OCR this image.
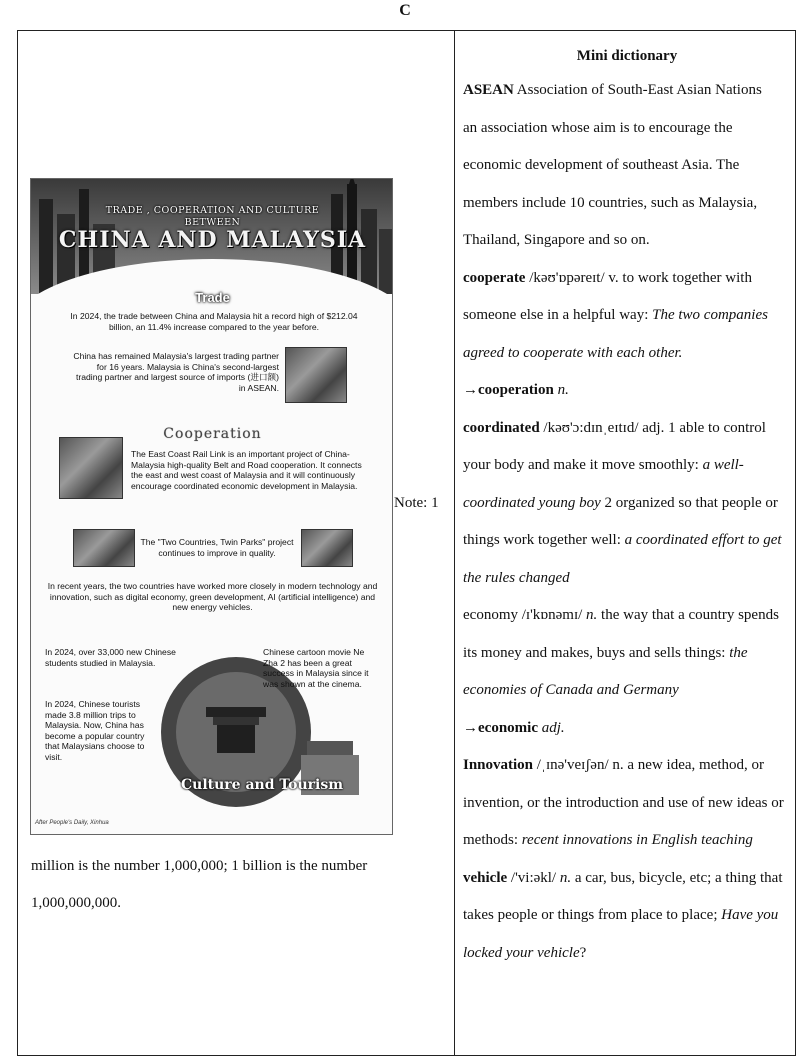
C
TRADE , COOPERATION AND CULTURE
BETWEEN
CHINA AND MALAYSIA
Trade
In 2024, the trade between China and Malaysia hit a record high of $212.04 billion, an 11.4% increase compared to the year before.
China has remained Malaysia's largest trading partner for 16 years. Malaysia is China's second-largest trading partner and largest source of imports (进口额) in ASEAN.
Cooperation
The East Coast Rail Link is an important project of China-Malaysia high-quality Belt and Road cooperation. It connects the east and west coast of Malaysia and it will continuously encourage coordinated economic development in Malaysia.
The "Two Countries, Twin Parks" project continues to improve in quality.
In recent years, the two countries have worked more closely in modern technology and innovation, such as digital economy, green development, AI (artificial intelligence) and new energy vehicles.
In 2024, over 33,000 new Chinese students studied in Malaysia.
Chinese cartoon movie Ne Zha 2 has been a great success in Malaysia since it was shown at the cinema.
In 2024, Chinese tourists made 3.8 million trips to Malaysia. Now, China has become a popular country that Malaysians choose to visit.
Culture and Tourism
After People's Daily, Xinhua
Note: 1
million is the number 1,000,000; 1 billion is the number 1,000,000,000.
Mini dictionary

ASEAN Association of South-East Asian Nations

an association whose aim is to encourage the economic development of southeast Asia. The members include 10 countries, such as Malaysia, Thailand, Singapore and so on.

cooperate /kəʊ'ɒpəreɪt/ v. to work together with someone else in a helpful way: The two companies agreed to cooperate with each other.

→cooperation n.

coordinated /kəʊ'ɔ:dɪnˌeɪtɪd/ adj. 1 able to control your body and make it move smoothly: a well-coordinated young boy 2 organized so that people or things work together well: a coordinated effort to get the rules changed

economy /ɪ'kɒnəmɪ/ n. the way that a country spends its money and makes, buys and sells things: the economies of Canada and Germany

→economic adj.

Innovation /ˌɪnə'veɪʃən/ n. a new idea, method, or invention, or the introduction and use of new ideas or methods: recent innovations in English teaching

vehicle /'vi:əkl/ n. a car, bus, bicycle, etc; a thing that takes people or things from place to place; Have you locked your vehicle?
